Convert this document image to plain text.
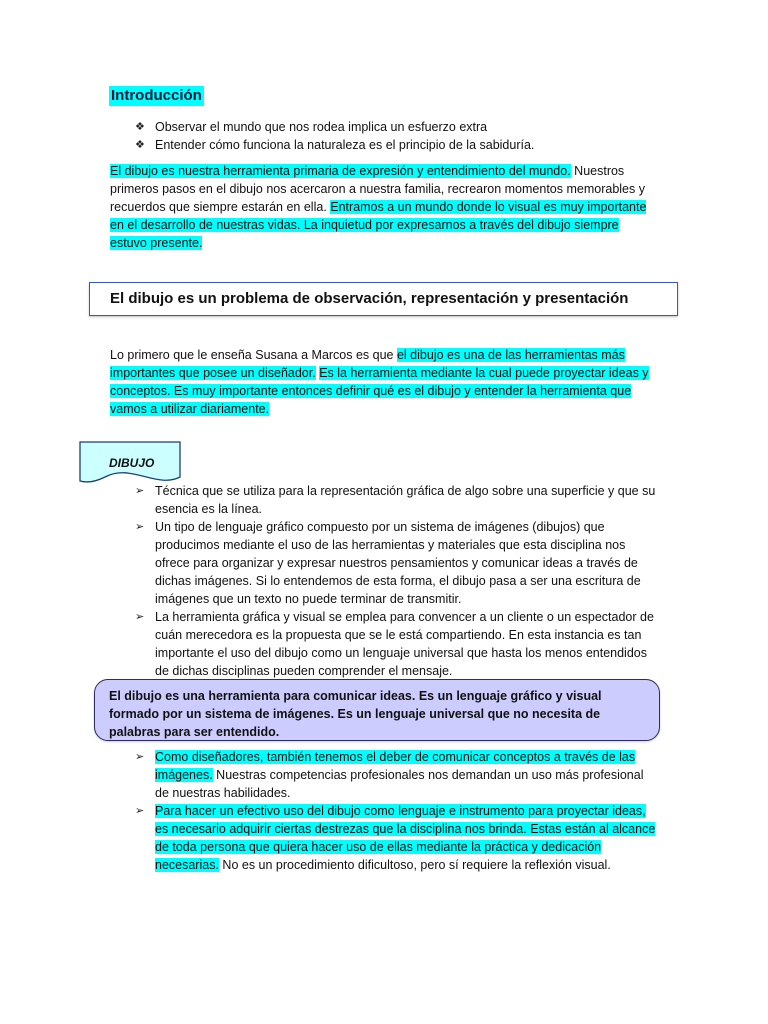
Introducción
❖ Observar el mundo que nos rodea implica un esfuerzo extra
❖ Entender cómo funciona la naturaleza es el principio de la sabiduría.

El dibujo es nuestra herramienta primaria de expresión y entendimiento del mundo. Nuestros primeros pasos en el dibujo nos acercaron a nuestra familia, recrearon momentos memorables y recuerdos que siempre estarán en ella. Entramos a un mundo donde lo visual es muy importante en el desarrollo de nuestras vidas. La inquietud por expresarnos a través del dibujo siempre estuvo presente.

El dibujo es un problema de observación, representación y presentación

Lo primero que le enseña Susana a Marcos es que el dibujo es una de las herramientas más importantes que posee un diseñador. Es la herramienta mediante la cual puede proyectar ideas y conceptos. Es muy importante entonces definir qué es el dibujo y entender la herramienta que vamos a utilizar diariamente.

DIBUJO
➢ Técnica que se utiliza para la representación gráfica de algo sobre una superficie y que su esencia es la línea.
➢ Un tipo de lenguaje gráfico compuesto por un sistema de imágenes (dibujos) que producimos mediante el uso de las herramientas y materiales que esta disciplina nos ofrece para organizar y expresar nuestros pensamientos y comunicar ideas a través de dichas imágenes. Si lo entendemos de esta forma, el dibujo pasa a ser una escritura de imágenes que un texto no puede terminar de transmitir.
➢ La herramienta gráfica y visual se emplea para convencer a un cliente o un espectador de cuán merecedora es la propuesta que se le está compartiendo. En esta instancia es tan importante el uso del dibujo como un lenguaje universal que hasta los menos entendidos de dichas disciplinas pueden comprender el mensaje.

El dibujo es una herramienta para comunicar ideas. Es un lenguaje gráfico y visual formado por un sistema de imágenes. Es un lenguaje universal que no necesita de palabras para ser entendido.

➢ Como diseñadores, también tenemos el deber de comunicar conceptos a través de las imágenes. Nuestras competencias profesionales nos demandan un uso más profesional de nuestras habilidades.
➢ Para hacer un efectivo uso del dibujo como lenguaje e instrumento para proyectar ideas, es necesario adquirir ciertas destrezas que la disciplina nos brinda. Estas están al alcance de toda persona que quiera hacer uso de ellas mediante la práctica y dedicación necesarias. No es un procedimiento dificultoso, pero sí requiere la reflexión visual.
